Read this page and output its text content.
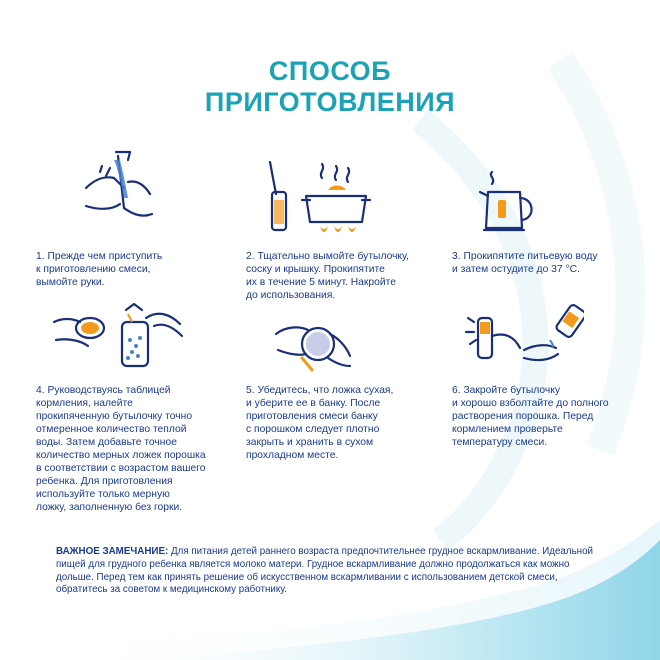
СПОСОБ
ПРИГОТОВЛЕНИЯ
1. Прежде чем приступить
к приготовлению смеси,
вымойте руки.
2. Тщательно вымойте бутылочку,
соску и крышку. Прокипятите
их в течение 5 минут. Накройте
до использования.
3. Прокипятите питьевую воду
и затем остудите до 37 °С.
4. Руководствуясь таблицей
кормления, налейте
прокипяченную бутылочку точно
отмеренное количество теплой
воды. Затем добавьте точное
количество мерных ложек порошка
в соответствии с возрастом вашего
ребенка. Для приготовления
используйте только мерную
ложку, заполненную без горки.
5. Убедитесь, что ложка сухая,
и уберите ее в банку. После
приготовления смеси банку
с порошком следует плотно
закрыть и хранить в сухом
прохладном месте.
6. Закройте бутылочку
и хорошо взболтайте до полного
растворения порошка. Перед
кормлением проверьте
температуру смеси.
ВАЖНОЕ ЗАМЕЧАНИЕ: Для питания детей раннего возраста предпочтительнее грудное вскармливание. Идеальной
пищей для грудного ребенка является молоко матери. Грудное вскармливание должно продолжаться как можно
дольше. Перед тем как принять решение об искусственном вскармливании с использованием детской смеси,
обратитесь за советом к медицинскому работнику.
